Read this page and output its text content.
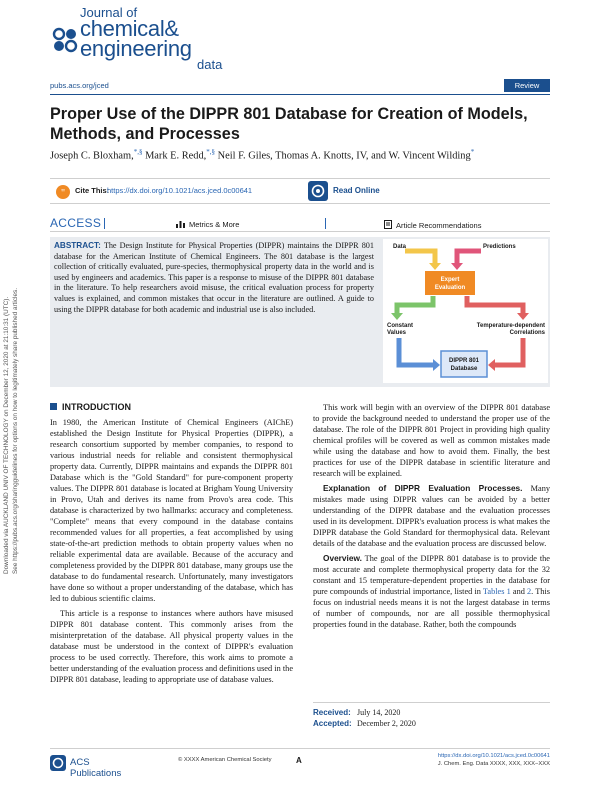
Downloaded via AUCKLAND UNIV OF TECHNOLOGY on December 12, 2020 at 21:10:31 (UTC). See https://pubs.acs.org/sharingguidelines for options on how to legitimately share published articles.
Journal of
chemical&
engineering
data
pubs.acs.org/jced	Review
Proper Use of the DIPPR 801 Database for Creation of Models, Methods, and Processes
Joseph C. Bloxham,*,§ Mark E. Redd,*,§ Neil F. Giles, Thomas A. Knotts, IV, and W. Vincent Wilding*
" Cite This:
https://dx.doi.org/10.1021/acs.jced.0c00641	Read Online
ACCESS	Metrics & More	Article Recommendations
ABSTRACT: The Design Institute for Physical Properties (DIPPR) maintains the DIPPR 801 database for the American Institute of Chemical Engineers. The 801 database is the largest collection of critically evaluated, pure-species, thermophysical property data in the world and is used by engineers and academics. This paper is a response to misuse of the DIPPR 801 database in the literature. To help researchers avoid misuse, the critical evaluation process for property values is explained, and common mistakes that occur in the literature are outlined. A guide to using the DIPPR database for both academic and industrial use is also included.
Data	Predictions
Expert
Evaluation
Constant
Values
Temperature-dependent
Correlations
DIPPR 801
Database
INTRODUCTION

In 1980, the American Institute of Chemical Engineers (AIChE) established the Design Institute for Physical Properties (DIPPR), a research consortium supported by member companies, to respond to various industrial needs for reliable and consistent thermophysical property data. Currently, DIPPR maintains and expands the DIPPR 801 Database which is the "Gold Standard" for pure-component property values. The DIPPR 801 database is located at Brigham Young University in Provo, Utah and derives its name from Provo's area code. This database is characterized by two hallmarks: accuracy and completeness. "Complete" means that every compound in the database contains recommended values for all properties, a feat accomplished by using state-of-the-art prediction methods to obtain property values when no reliable experimental data are available. Because of the accuracy and completeness provided by the DIPPR 801 database, many groups use the database to do fundamental research. Unfortunately, many investigators have done so without a proper understanding of the database, which has led to dubious scientific claims.

This article is a response to instances where authors have misused DIPPR 801 database content. This commonly arises from the misinterpretation of the database. All physical property values in the database must be understood in the context of DIPPR's evaluation process to be used correctly. Therefore, this work aims to promote a better understanding of the evaluation process and definitions used in the DIPPR 801 database, leading to appropriate use of database values.

This work will begin with an overview of the DIPPR 801 database to provide the background needed to understand the proper use of the database. The role of the DIPPR 801 Project in providing high quality chemical profiles will be covered as well as common mistakes made while using the database and how to avoid them. Finally, the best practices for use of the DIPPR database in scientific literature and research will be explained.

Explanation of DIPPR Evaluation Processes. Many mistakes made using DIPPR values can be avoided by a better understanding of the DIPPR database and the evaluation processes used in its development. DIPPR's evaluation process is what makes the DIPPR database the Gold Standard for thermophysical data. Relevant details of the database and the evaluation process are discussed below.

Overview. The goal of the DIPPR 801 database is to provide the most accurate and complete thermophysical property data for the 32 constant and 15 temperature-dependent properties in the database for pure compounds of industrial importance, listed in Tables 1 and 2. This focus on industrial needs means it is not the largest database in terms of number of compounds, nor are all possible thermophysical properties found in the database. Rather, both the compounds

Received: July 14, 2020
Accepted: December 2, 2020
ACS Publications
© XXXX American Chemical Society	A	https://dx.doi.org/10.1021/acs.jced.0c00641
J. Chem. Eng. Data XXXX, XXX, XXX−XXX
